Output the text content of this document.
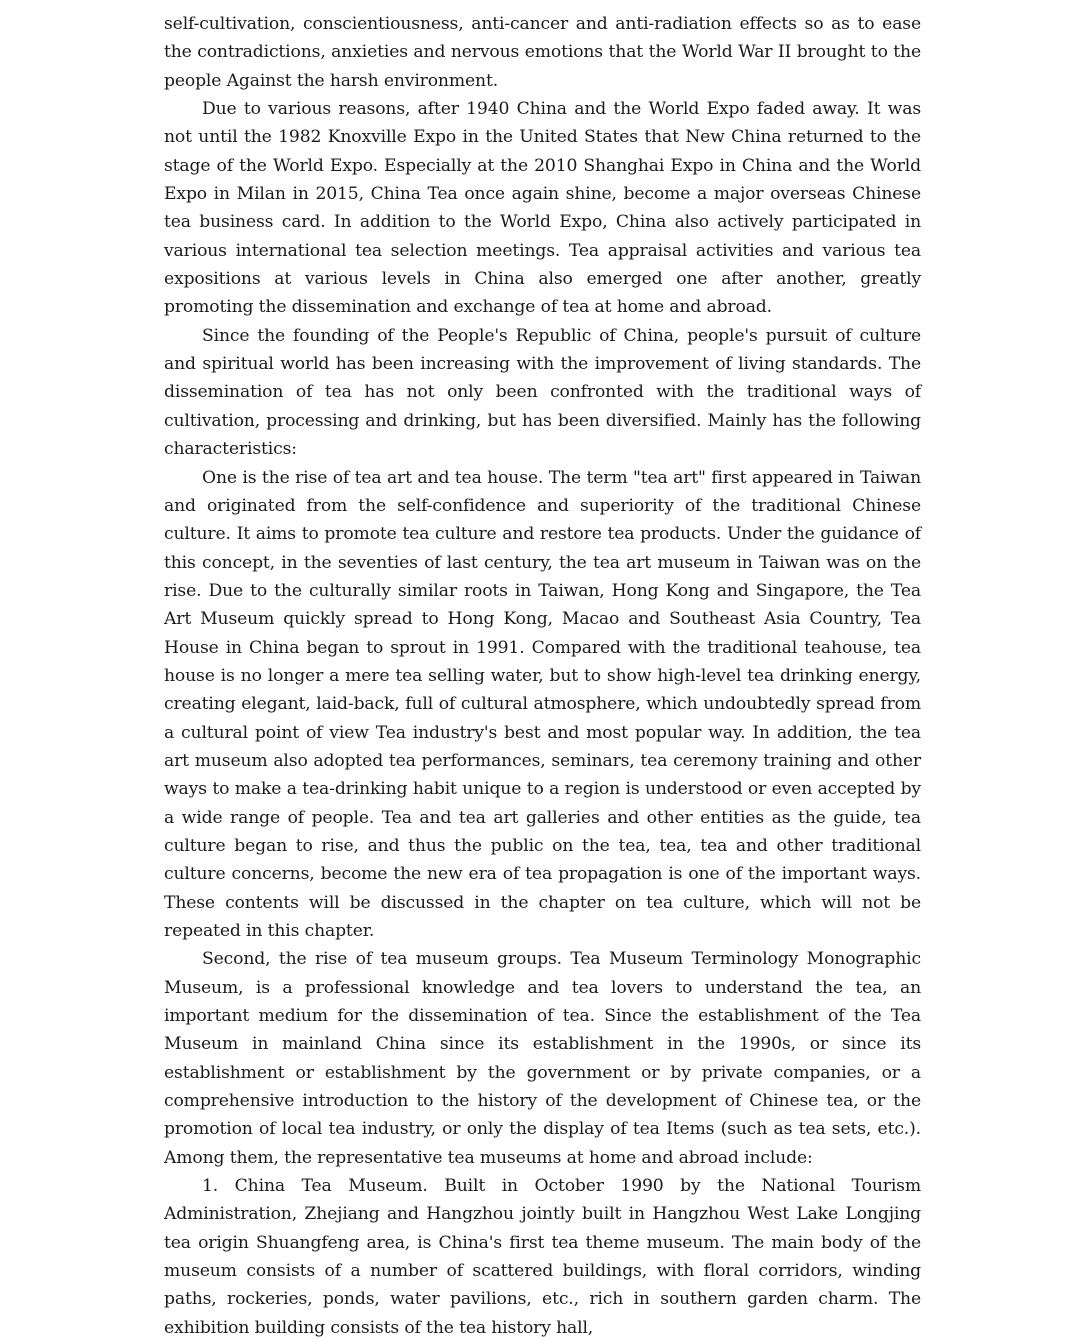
self-cultivation, conscientiousness, anti-cancer and anti-radiation effects so as to ease the contradictions, anxieties and nervous emotions that the World War II brought to the people Against the harsh environment.

Due to various reasons, after 1940 China and the World Expo faded away. It was not until the 1982 Knoxville Expo in the United States that New China returned to the stage of the World Expo. Especially at the 2010 Shanghai Expo in China and the World Expo in Milan in 2015, China Tea once again shine, become a major overseas Chinese tea business card. In addition to the World Expo, China also actively participated in various international tea selection meetings. Tea appraisal activities and various tea expositions at various levels in China also emerged one after another, greatly promoting the dissemination and exchange of tea at home and abroad.

Since the founding of the People's Republic of China, people's pursuit of culture and spiritual world has been increasing with the improvement of living standards. The dissemination of tea has not only been confronted with the traditional ways of cultivation, processing and drinking, but has been diversified. Mainly has the following characteristics:

One is the rise of tea art and tea house. The term "tea art" first appeared in Taiwan and originated from the self-confidence and superiority of the traditional Chinese culture. It aims to promote tea culture and restore tea products. Under the guidance of this concept, in the seventies of last century, the tea art museum in Taiwan was on the rise. Due to the culturally similar roots in Taiwan, Hong Kong and Singapore, the Tea Art Museum quickly spread to Hong Kong, Macao and Southeast Asia Country, Tea House in China began to sprout in 1991. Compared with the traditional teahouse, tea house is no longer a mere tea selling water, but to show high-level tea drinking energy, creating elegant, laid-back, full of cultural atmosphere, which undoubtedly spread from a cultural point of view Tea industry's best and most popular way. In addition, the tea art museum also adopted tea performances, seminars, tea ceremony training and other ways to make a tea-drinking habit unique to a region is understood or even accepted by a wide range of people. Tea and tea art galleries and other entities as the guide, tea culture began to rise, and thus the public on the tea, tea, tea and other traditional culture concerns, become the new era of tea propagation is one of the important ways. These contents will be discussed in the chapter on tea culture, which will not be repeated in this chapter.

Second, the rise of tea museum groups. Tea Museum Terminology Monographic Museum, is a professional knowledge and tea lovers to understand the tea, an important medium for the dissemination of tea. Since the establishment of the Tea Museum in mainland China since its establishment in the 1990s, or since its establishment or establishment by the government or by private companies, or a comprehensive introduction to the history of the development of Chinese tea, or the promotion of local tea industry, or only the display of tea Items (such as tea sets, etc.). Among them, the representative tea museums at home and abroad include:

1. China Tea Museum. Built in October 1990 by the National Tourism Administration, Zhejiang and Hangzhou jointly built in Hangzhou West Lake Longjing tea origin Shuangfeng area, is China's first tea theme museum. The main body of the museum consists of a number of scattered buildings, with floral corridors, winding paths, rockeries, ponds, water pavilions, etc., rich in southern garden charm. The exhibition building consists of the tea history hall,
